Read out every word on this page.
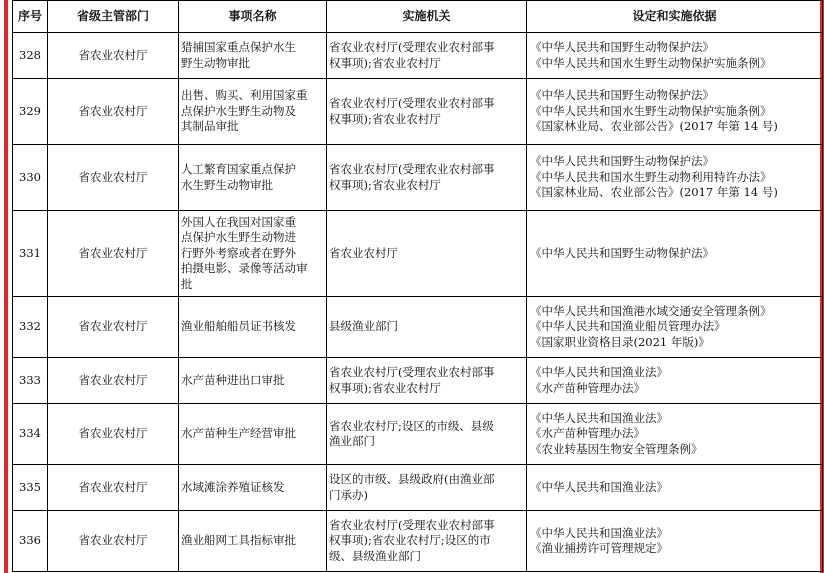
序号	省级主管部门	事项名称	实施机关	设定和实施依据
328	省农业农村厅	猎捕国家重点保护水生
野生动物审批	省农业农村厅(受理农业农村部事
权事项);省农业农村厅	《中华人民共和国野生动物保护法》
《中华人民共和国水生野生动物保护实施条例》

329	省农业农村厅	出售、购买、利用国家重
点保护水生野生动物及
其制品审批	省农业农村厅(受理农业农村部事
权事项);省农业农村厅	《中华人民共和国野生动物保护法》
《中华人民共和国水生野生动物保护实施条例》
《国家林业局、农业部公告》(2017 年第 14 号)

330	省农业农村厅	人工繁育国家重点保护
水生野生动物审批	省农业农村厅(受理农业农村部事
权事项);省农业农村厅	《中华人民共和国野生动物保护法》
《中华人民共和国水生野生动物利用特许办法》
《国家林业局、农业部公告》(2017 年第 14 号)

331	省农业农村厅	外国人在我国对国家重
点保护水生野生动物进
行野外考察或者在野外
拍摄电影、录像等活动审
批	省农业农村厅	《中华人民共和国野生动物保护法》

332	省农业农村厅	渔业船舶船员证书核发	县级渔业部门	《中华人民共和国渔港水域交通安全管理条例》
《中华人民共和国渔业船员管理办法》
《国家职业资格目录(2021 年版)》

333	省农业农村厅	水产苗种进出口审批	省农业农村厅(受理农业农村部事
权事项);省农业农村厅	《中华人民共和国渔业法》
《水产苗种管理办法》

334	省农业农村厅	水产苗种生产经营审批	省农业农村厅;设区的市级、县级
渔业部门	《中华人民共和国渔业法》
《水产苗种管理办法》
《农业转基因生物安全管理条例》

335	省农业农村厅	水域滩涂养殖证核发	设区的市级、县级政府(由渔业部
门承办)	《中华人民共和国渔业法》

336	省农业农村厅	渔业船网工具指标审批	省农业农村厅(受理农业农村部事
权事项);省农业农村厅;设区的市
级、县级渔业部门	《中华人民共和国渔业法》
《渔业捕捞许可管理规定》
